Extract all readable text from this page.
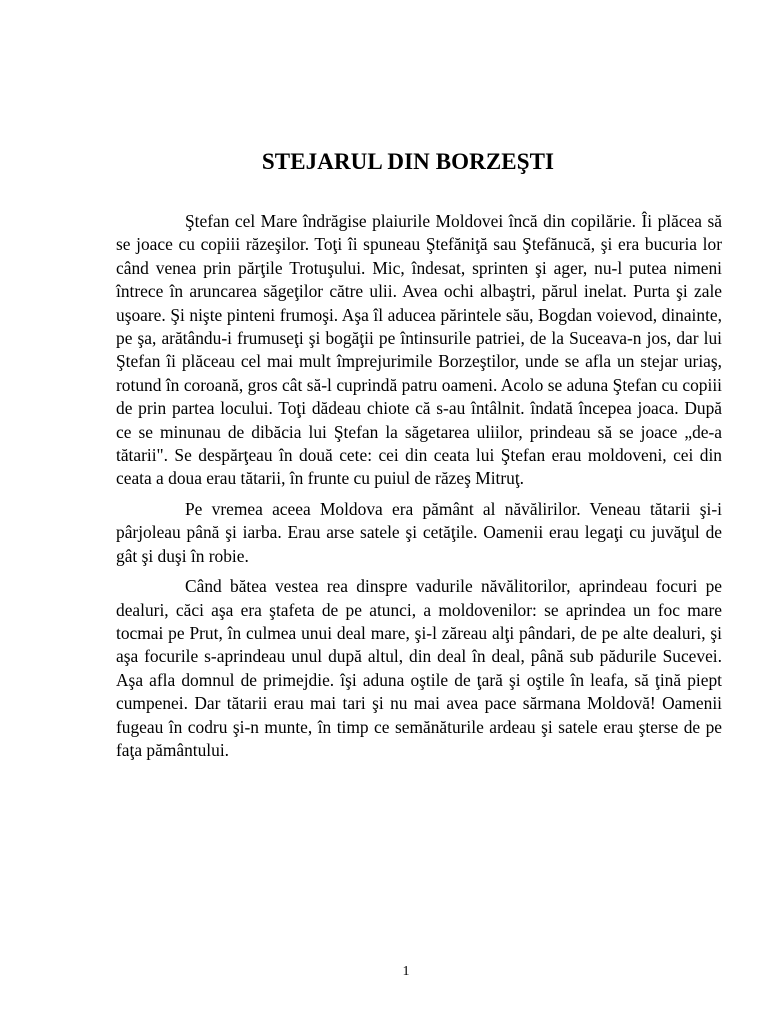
STEJARUL DIN BORZEŞTI

Ştefan cel Mare îndrăgise plaiurile Moldovei încă din copilărie. Îi plăcea să se joace cu copiii răzeşilor. Toţi îi spuneau Ştefăniţă sau Ştefănucă, şi era bucuria lor când venea prin părţile Trotuşului. Mic, îndesat, sprinten şi ager, nu-l putea nimeni întrece în aruncarea săgeţilor către ulii. Avea ochi albaştri, părul inelat. Purta şi zale uşoare. Şi nişte pinteni frumoşi. Aşa îl aducea părintele său, Bogdan voievod, dinainte, pe şa, arătându-i frumuseţi şi bogăţii pe întinsurile patriei, de la Suceava-n jos, dar lui Ştefan îi plăceau cel mai mult împrejurimile Borzeştilor, unde se afla un stejar uriaş, rotund în coroană, gros cât să-l cuprindă patru oameni. Acolo se aduna Ştefan cu copiii de prin partea locului. Toţi dădeau chiote că s-au întâlnit. îndată începea joaca. După ce se minunau de dibăcia lui Ştefan la săgetarea uliilor, prindeau să se joace „de-a tătarii". Se despărţeau în două cete: cei din ceata lui Ştefan erau moldoveni, cei din ceata a doua erau tătarii, în frunte cu puiul de răzeş Mitruţ.

Pe vremea aceea Moldova era pământ al năvălirilor. Veneau tătarii şi-i pârjoleau până şi iarba. Erau arse satele şi cetăţile. Oamenii erau legaţi cu juvăţul de gât şi duşi în robie.

Când bătea vestea rea dinspre vadurile năvălitorilor, aprindeau focuri pe dealuri, căci aşa era ştafeta de pe atunci, a moldovenilor: se aprindea un foc mare tocmai pe Prut, în culmea unui deal mare, şi-l zăreau alţi pândari, de pe alte dealuri, şi aşa focurile s-aprindeau unul după altul, din deal în deal, până sub pădurile Sucevei. Aşa afla domnul de primejdie. îşi aduna oştile de ţară şi oştile în leafa, să ţină piept cumpenei. Dar tătarii erau mai tari şi nu mai avea pace sărmana Moldovă! Oamenii fugeau în codru şi-n munte, în timp ce semănăturile ardeau şi satele erau şterse de pe faţa pământului.

1
